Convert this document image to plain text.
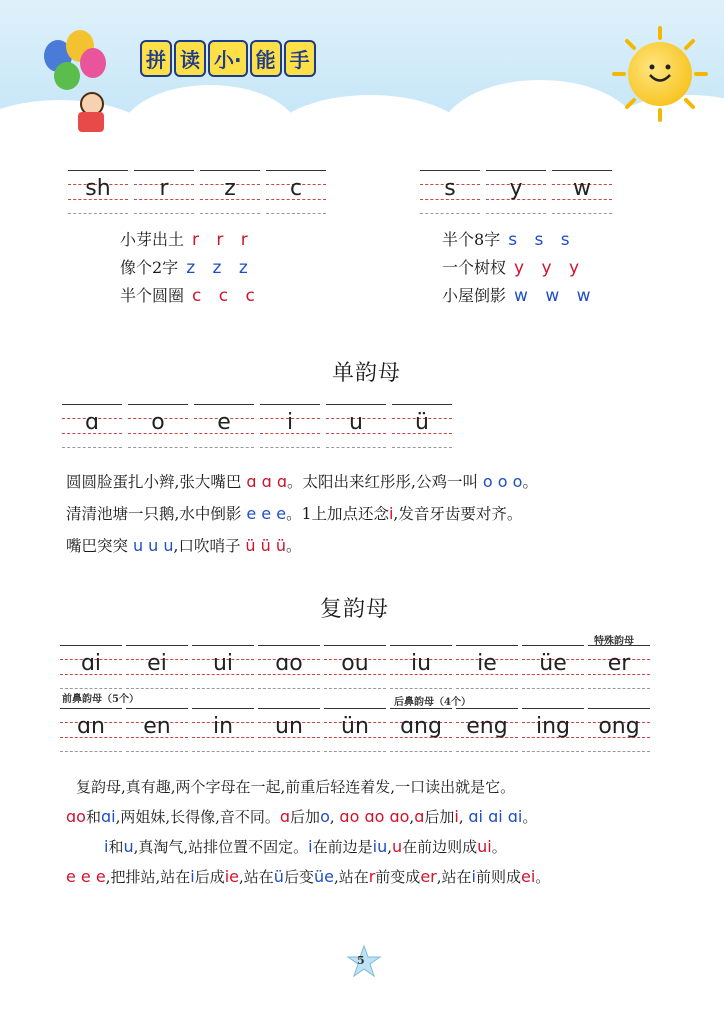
拼 读 小· 能 手
sh	r	z	c	s	y	w
小芽出土 r r r
像个2字 z z z
半个圆圈 c c c
半个8字 s s s
一个树杈 y y y
小屋倒影 w w w
单韵母
ɑ	o	e	i	u	ü
圆圆脸蛋扎小辫,张大嘴巴 ɑ ɑ ɑ。太阳出来红彤彤,公鸡一叫 o o o。
清清池塘一只鹅,水中倒影 e e e。1上加点还念i,发音牙齿要对齐。
嘴巴突突 u u u,口吹哨子 ü ü ü。
复韵母
特殊韵母
ɑi	ei	ui	ɑo	ou	iu	ie	üe	er
前鼻韵母（5个）	后鼻韵母（4个）
ɑn	en	in	un	ün	ɑng	eng	ing	ong
复韵母,真有趣,两个字母在一起,前重后轻连着发,一口读出就是它。
ɑo和ɑi,两姐妹,长得像,音不同。ɑ后加o, ɑo ɑo ɑo,ɑ后加i, ɑi ɑi ɑi。
i和u,真淘气,站排位置不固定。i在前边是iu,u在前边则成ui。
e e e,把排站,站在i后成ie,站在ü后变üe,站在r前变成er,站在i前则成ei。
5
